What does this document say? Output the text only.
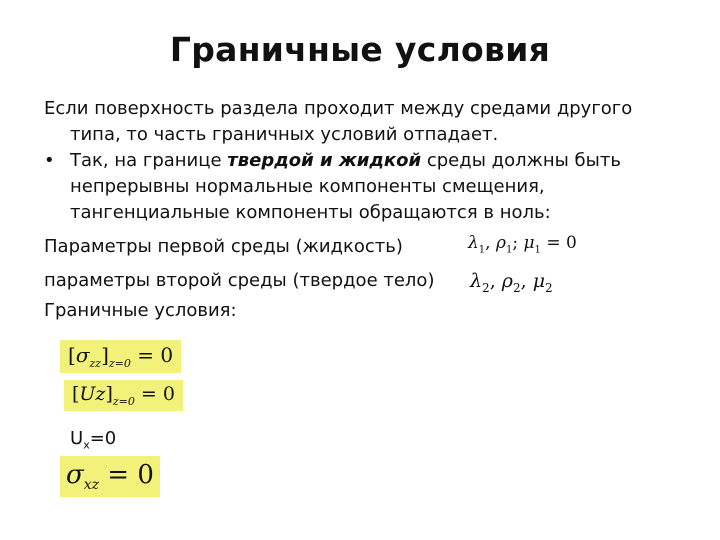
Граничные условия
Если поверхность раздела проходит между средами другого
типа, то часть граничных условий отпадает.
• Так, на границе твердой и жидкой среды должны быть
непрерывны нормальные компоненты смещения,
тангенциальные компоненты обращаются в ноль:
Параметры первой среды (жидкость)	$\lambda_1$, $\rho_1$; $\mu_1 = 0$
параметры второй среды (твердое тело) $\lambda_2$, $\rho_2$, $\mu_2$
Граничные условия:
$[\sigma_{zz}]_{z=0} = 0$
$[Uz]_{z=0} = 0$
$U_x=0$
$\sigma_{xz} = 0$
